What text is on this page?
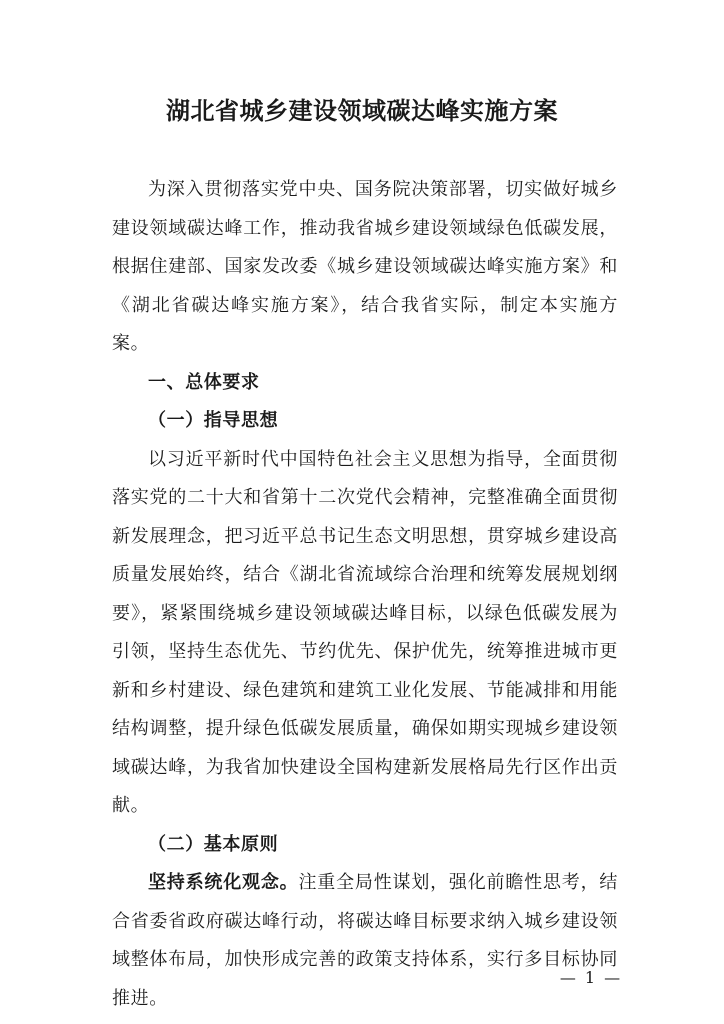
湖北省城乡建设领域碳达峰实施方案

为深入贯彻落实党中央、国务院决策部署，切实做好城乡建设领域碳达峰工作，推动我省城乡建设领域绿色低碳发展，根据住建部、国家发改委《城乡建设领域碳达峰实施方案》和《湖北省碳达峰实施方案》，结合我省实际，制定本实施方案。

一、总体要求

（一）指导思想

以习近平新时代中国特色社会主义思想为指导，全面贯彻落实党的二十大和省第十二次党代会精神，完整准确全面贯彻新发展理念，把习近平总书记生态文明思想，贯穿城乡建设高质量发展始终，结合《湖北省流域综合治理和统筹发展规划纲要》，紧紧围绕城乡建设领域碳达峰目标，以绿色低碳发展为引领，坚持生态优先、节约优先、保护优先，统筹推进城市更新和乡村建设、绿色建筑和建筑工业化发展、节能减排和用能结构调整，提升绿色低碳发展质量，确保如期实现城乡建设领域碳达峰，为我省加快建设全国构建新发展格局先行区作出贡献。

（二）基本原则

坚持系统化观念。注重全局性谋划，强化前瞻性思考，结合省委省政府碳达峰行动，将碳达峰目标要求纳入城乡建设领域整体布局，加快形成完善的政策支持体系，实行多目标协同推进。

— 1 —
